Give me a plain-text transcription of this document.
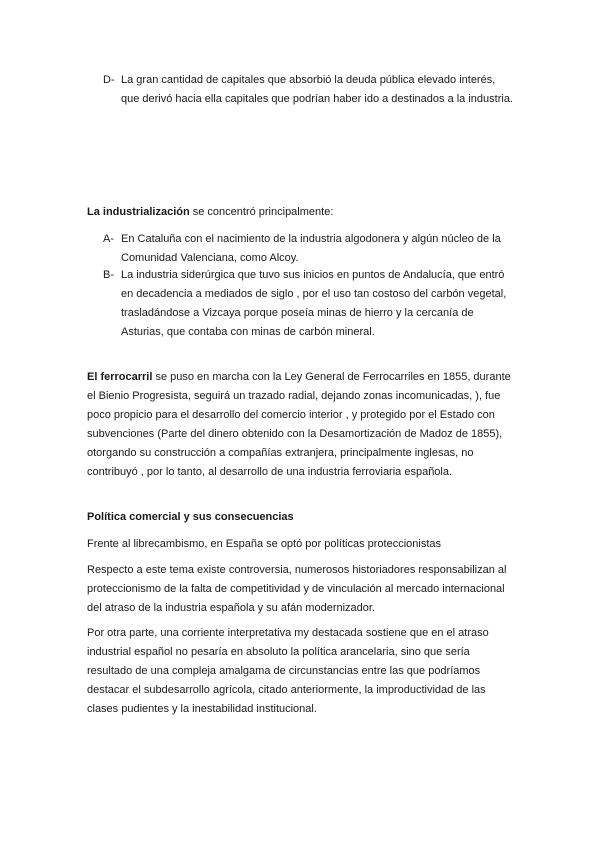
D- La gran cantidad de capitales que absorbió la deuda pública elevado interés, que derivó hacia ella capitales que podrían haber ido a destinados a la industria.
La industrialización se concentró principalmente:
A- En Cataluña con el nacimiento de la industria algodonera y algún núcleo de la Comunidad Valenciana, como Alcoy.
B- La industria siderúrgica que tuvo sus inicios en puntos de Andalucía, que entró en decadencia a mediados de siglo , por el uso tan costoso del carbón vegetal, trasladándose a Vizcaya porque poseía minas de hierro y la cercanía de Asturias, que contaba con minas de carbón mineral.
El ferrocarril se puso en marcha con la Ley General de Ferrocarriles en 1855, durante el Bienio Progresista, seguirá un trazado radial, dejando zonas incomunicadas, ), fue poco propicio para el desarrollo del comercio interior , y protegido por el Estado con subvenciones (Parte del dinero obtenido con la Desamortización de Madoz de 1855), otorgando su construcción a compañías extranjera, principalmente inglesas, no contribuyó , por lo tanto, al desarrollo de una industria ferroviaria española.
Política comercial y sus consecuencias
Frente al librecambismo, en España se optó por políticas proteccionistas
Respecto a este tema existe controversia, numerosos historiadores responsabilizan al proteccionismo de la falta de competitividad y de vinculación al mercado internacional del atraso de la industria española y su afán modernizador.
Por otra parte, una corriente interpretativa my destacada sostiene que en el atraso industrial español no pesaría en absoluto la política arancelaria, sino que sería resultado de una compleja amalgama de circunstancias entre las que podríamos destacar el subdesarrollo agrícola, citado anteriormente, la improductividad de las clases pudientes y la inestabilidad institucional.
